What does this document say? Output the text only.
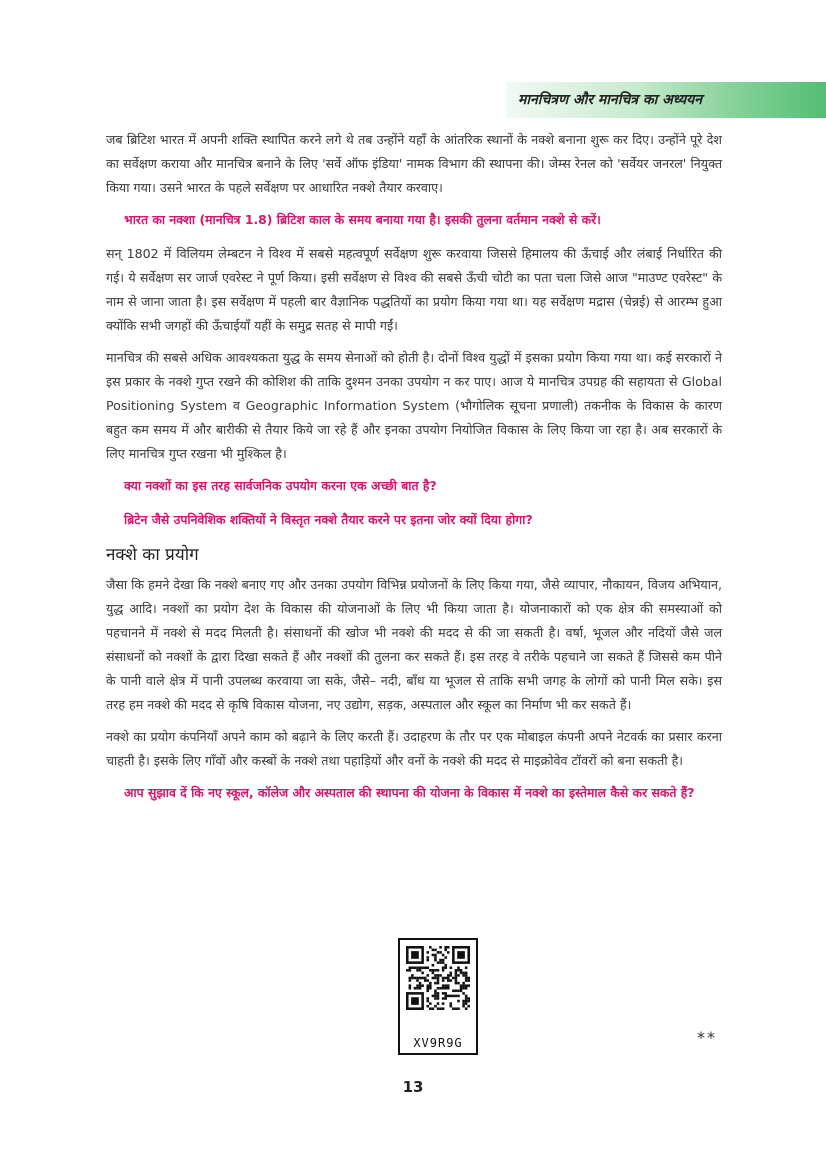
मानचित्रण और मानचित्र का अध्ययन

जब ब्रिटिश भारत में अपनी शक्ति स्थापित करने लगे थे तब उन्होंने यहाँ के आंतरिक स्थानों के नक्शे बनाना शुरू कर दिए। उन्होंने पूरे देश का सर्वेक्षण कराया और मानचित्र बनाने के लिए 'सर्वे ऑफ इंडिया' नामक विभाग की स्थापना की। जेम्स रेनल को 'सर्वेयर जनरल' नियुक्त किया गया। उसने भारत के पहले सर्वेक्षण पर आधारित नक्शे तैयार करवाए।

भारत का नक्शा (मानचित्र 1.8) ब्रिटिश काल के समय बनाया गया है। इसकी तुलना वर्तमान नक्शे से करें।

सन् 1802 में विलियम लेम्बटन ने विश्व में सबसे महत्वपूर्ण सर्वेक्षण शुरू करवाया जिससे हिमालय की ऊँचाई और लंबाई निर्धारित की गई। ये सर्वेक्षण सर जार्ज एवरेस्ट ने पूर्ण किया। इसी सर्वेक्षण से विश्व की सबसे ऊँची चोटी का पता चला जिसे आज "माउण्ट एवरेस्ट" के नाम से जाना जाता है। इस सर्वेक्षण में पहली बार वैज्ञानिक पद्धतियों का प्रयोग किया गया था। यह सर्वेक्षण मद्रास (चेन्नई) से आरम्भ हुआ क्योंकि सभी जगहों की ऊँचाईयाँ यहीं के समुद्र सतह से मापी गईं।

मानचित्र की सबसे अधिक आवश्यकता युद्ध के समय सेनाओं को होती है। दोनों विश्व युद्धों में इसका प्रयोग किया गया था। कई सरकारों ने इस प्रकार के नक्शे गुप्त रखने की कोशिश की ताकि दुश्मन उनका उपयोग न कर पाए। आज ये मानचित्र उपग्रह की सहायता से Global Positioning System व Geographic Information System (भौगोलिक सूचना प्रणाली) तकनीक के विकास के कारण बहुत कम समय में और बारीकी से तैयार किये जा रहे हैं और इनका उपयोग नियोजित विकास के लिए किया जा रहा है। अब सरकारों के लिए मानचित्र गुप्त रखना भी मुश्किल है।

क्या नक्शों का इस तरह सार्वजनिक उपयोग करना एक अच्छी बात है?

ब्रिटेन जैसे उपनिवेशिक शक्तियों ने विस्तृत नक्शे तैयार करने पर इतना जोर क्यों दिया होगा?

नक्शे का प्रयोग

जैसा कि हमने देखा कि नक्शे बनाए गए और उनका उपयोग विभिन्न प्रयोजनों के लिए किया गया, जैसे व्यापार, नौकायन, विजय अभियान, युद्ध आदि। नक्शों का प्रयोग देश के विकास की योजनाओं के लिए भी किया जाता है। योजनाकारों को एक क्षेत्र की समस्याओं को पहचानने में नक्शे से मदद मिलती है। संसाधनों की खोज भी नक्शे की मदद से की जा सकती है। वर्षा, भूजल और नदियों जैसे जल संसाधनों को नक्शों के द्वारा दिखा सकते हैं और नक्शों की तुलना कर सकते हैं। इस तरह वे तरीके पहचाने जा सकते हैं जिससे कम पीने के पानी वाले क्षेत्र में पानी उपलब्ध करवाया जा सके, जैसे– नदी, बाँध या भूजल से ताकि सभी जगह के लोगों को पानी मिल सके। इस तरह हम नक्शे की मदद से कृषि विकास योजना, नए उद्योग, सड़क, अस्पताल और स्कूल का निर्माण भी कर सकते हैं।

नक्शे का प्रयोग कंपनियाँ अपने काम को बढ़ाने के लिए करती हैं। उदाहरण के तौर पर एक मोबाइल कंपनी अपने नेटवर्क का प्रसार करना चाहती है। इसके लिए गाँवों और कस्बों के नक्शे तथा पहाड़ियों और वनों के नक्शे की मदद से माइक्रोवेव टॉवरों को बना सकती है।

आप सुझाव दें कि नए स्कूल, कॉलेज और अस्पताल की स्थापना की योजना के विकास में नक्शे का इस्तेमाल कैसे कर सकते हैं?

XV9R9G	**
13
